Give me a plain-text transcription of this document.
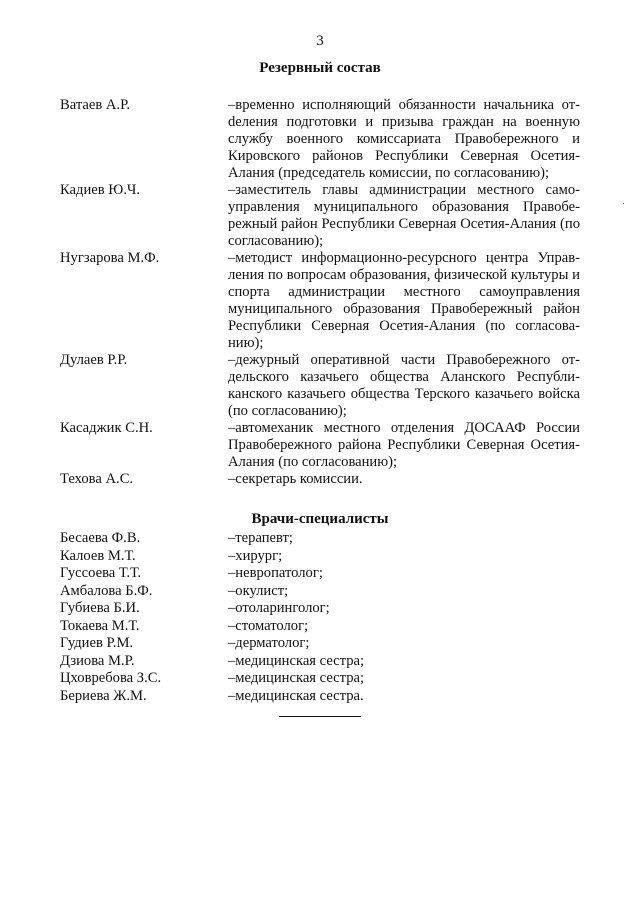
3
Резервный состав
Ватаев А.Р.	–временно исполняющий обязанности начальника отdеления подготовки и призыва граждан на военную службу военного комиссариата Правобережного и Кировского районов Республики Северная Осетия-Алания (председатель комиссии, по согласованию);
Кадиев Ю.Ч.	–заместитель главы администрации местного самоуправления муниципального образования Правобережный район Республики Северная Осетия-Алания (по согласованию);
Нугзарова М.Ф.	–методист информационно-ресурсного центра Управления по вопросам образования, физической культуры и спорта администрации местного самоуправления муниципального образования Правобережный район Республики Северная Осетия-Алания (по согласованию);
Дулаев Р.Р.	–дежурный оперативной части Правобережного отдельского казачьего общества Аланского Республиканского казачьего общества Терского казачьего войска (по согласованию);
Касаджик С.Н.	–автомеханик местного отделения ДОСААФ России Правобережного района Республики Северная Осетия-Алания (по согласованию);
Техова А.С.	–секретарь комиссии.
Врачи-специалисты
Бесаева Ф.В.	–терапевт;
Калоев М.Т.	–хирург;
Гуссоева Т.Т.	–невропатолог;
Амбалова Б.Ф.	–окулист;
Губиева Б.И.	–отоларинголог;
Токаева М.Т.	–стоматолог;
Гудиев Р.М.	–дерматолог;
Дзиова М.Р.	–медицинская сестра;
Цховребова З.С.	–медицинская сестра;
Бериева Ж.М.	–медицинская сестра.
